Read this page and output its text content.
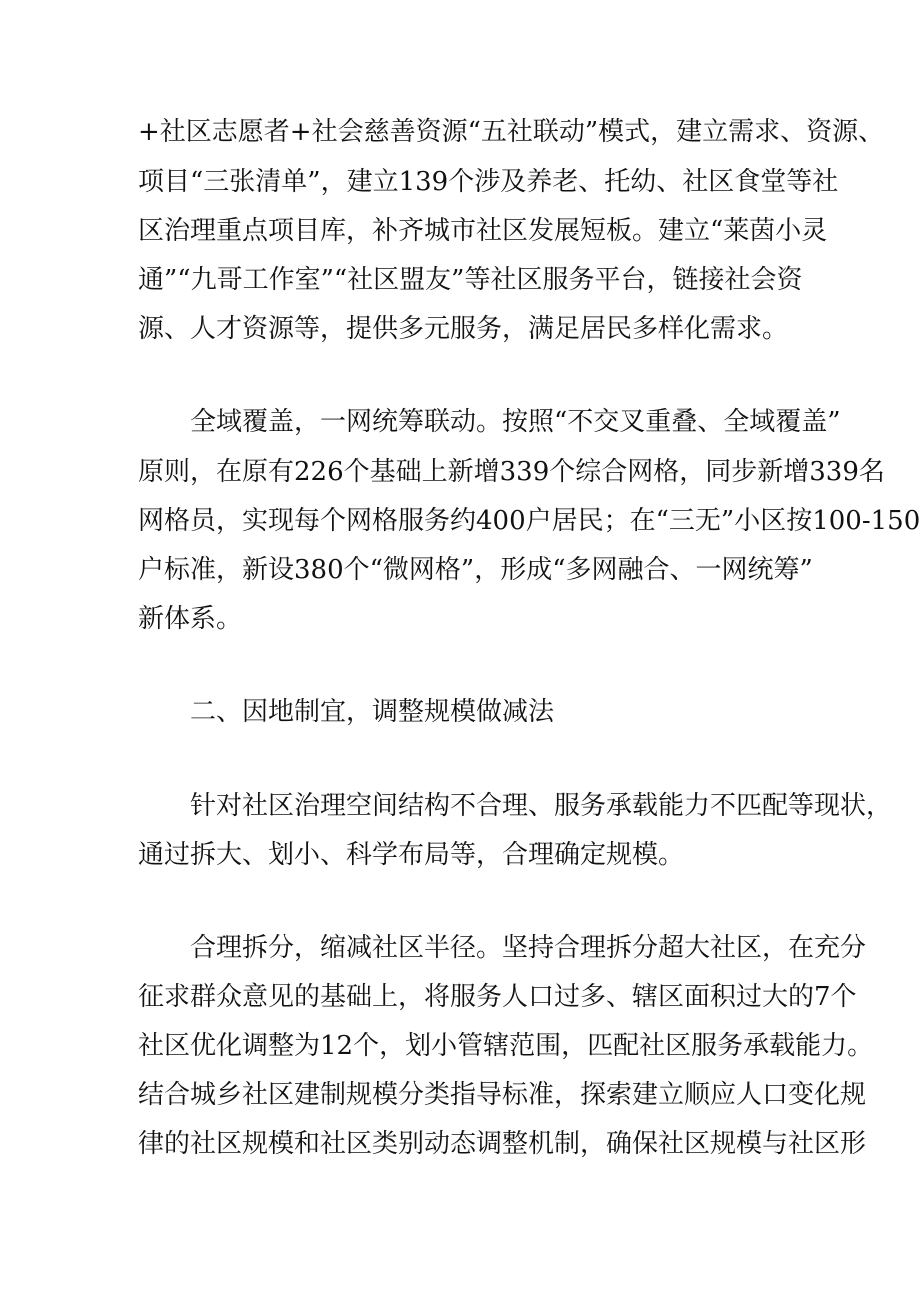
+社区志愿者+社会慈善资源“五社联动”模式，建立需求、资源、
项目“三张清单”，建立139个涉及养老、托幼、社区食堂等社
区治理重点项目库，补齐城市社区发展短板。建立“莱茵小灵
通”“九哥工作室”“社区盟友”等社区服务平台，链接社会资
源、人才资源等，提供多元服务，满足居民多样化需求。
全域覆盖，一网统筹联动。按照“不交叉重叠、全域覆盖”
原则，在原有226个基础上新增339个综合网格，同步新增339名
网格员，实现每个网格服务约400户居民；在“三无”小区按100-150
户标准，新设380个“微网格”，形成“多网融合、一网统筹”
新体系。
二、因地制宜，调整规模做减法
针对社区治理空间结构不合理、服务承载能力不匹配等现状，
通过拆大、划小、科学布局等，合理确定规模。
合理拆分，缩减社区半径。坚持合理拆分超大社区，在充分
征求群众意见的基础上，将服务人口过多、辖区面积过大的7个
社区优化调整为12个，划小管辖范围，匹配社区服务承载能力。
结合城乡社区建制规模分类指导标准，探索建立顺应人口变化规
律的社区规模和社区类别动态调整机制，确保社区规模与社区形
